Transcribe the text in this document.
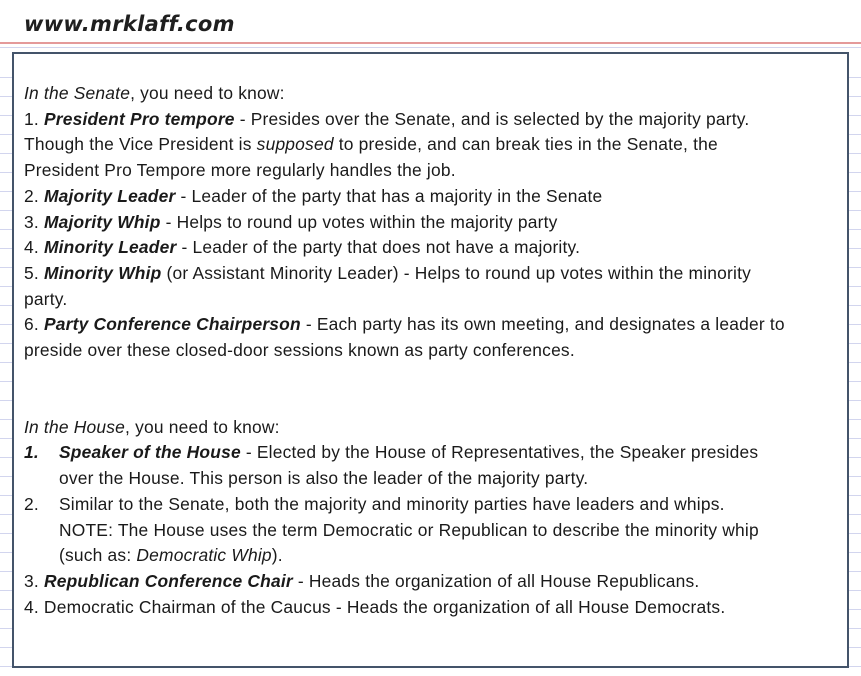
www.mrklaff.com
In the Senate, you need to know:
1. President Pro tempore - Presides over the Senate, and is selected by the majority party.
Though the Vice President is supposed to preside, and can break ties in the Senate, the
President Pro Tempore more regularly handles the job.
2. Majority Leader - Leader of the party that has a majority in the Senate
3. Majority Whip - Helps to round up votes within the majority party
4. Minority Leader - Leader of the party that does not have a majority.
5. Minority Whip (or Assistant Minority Leader) - Helps to round up votes within the minority
party.
6. Party Conference Chairperson - Each party has its own meeting, and designates a leader to
preside over these closed-door sessions known as party conferences.
In the House, you need to know:
1. Speaker of the House - Elected by the House of Representatives, the Speaker presides
over the House. This person is also the leader of the majority party.
2. Similar to the Senate, both the majority and minority parties have leaders and whips.
NOTE: The House uses the term Democratic or Republican to describe the minority whip
(such as: Democratic Whip).
3. Republican Conference Chair - Heads the organization of all House Republicans.
4. Democratic Chairman of the Caucus - Heads the organization of all House Democrats.
